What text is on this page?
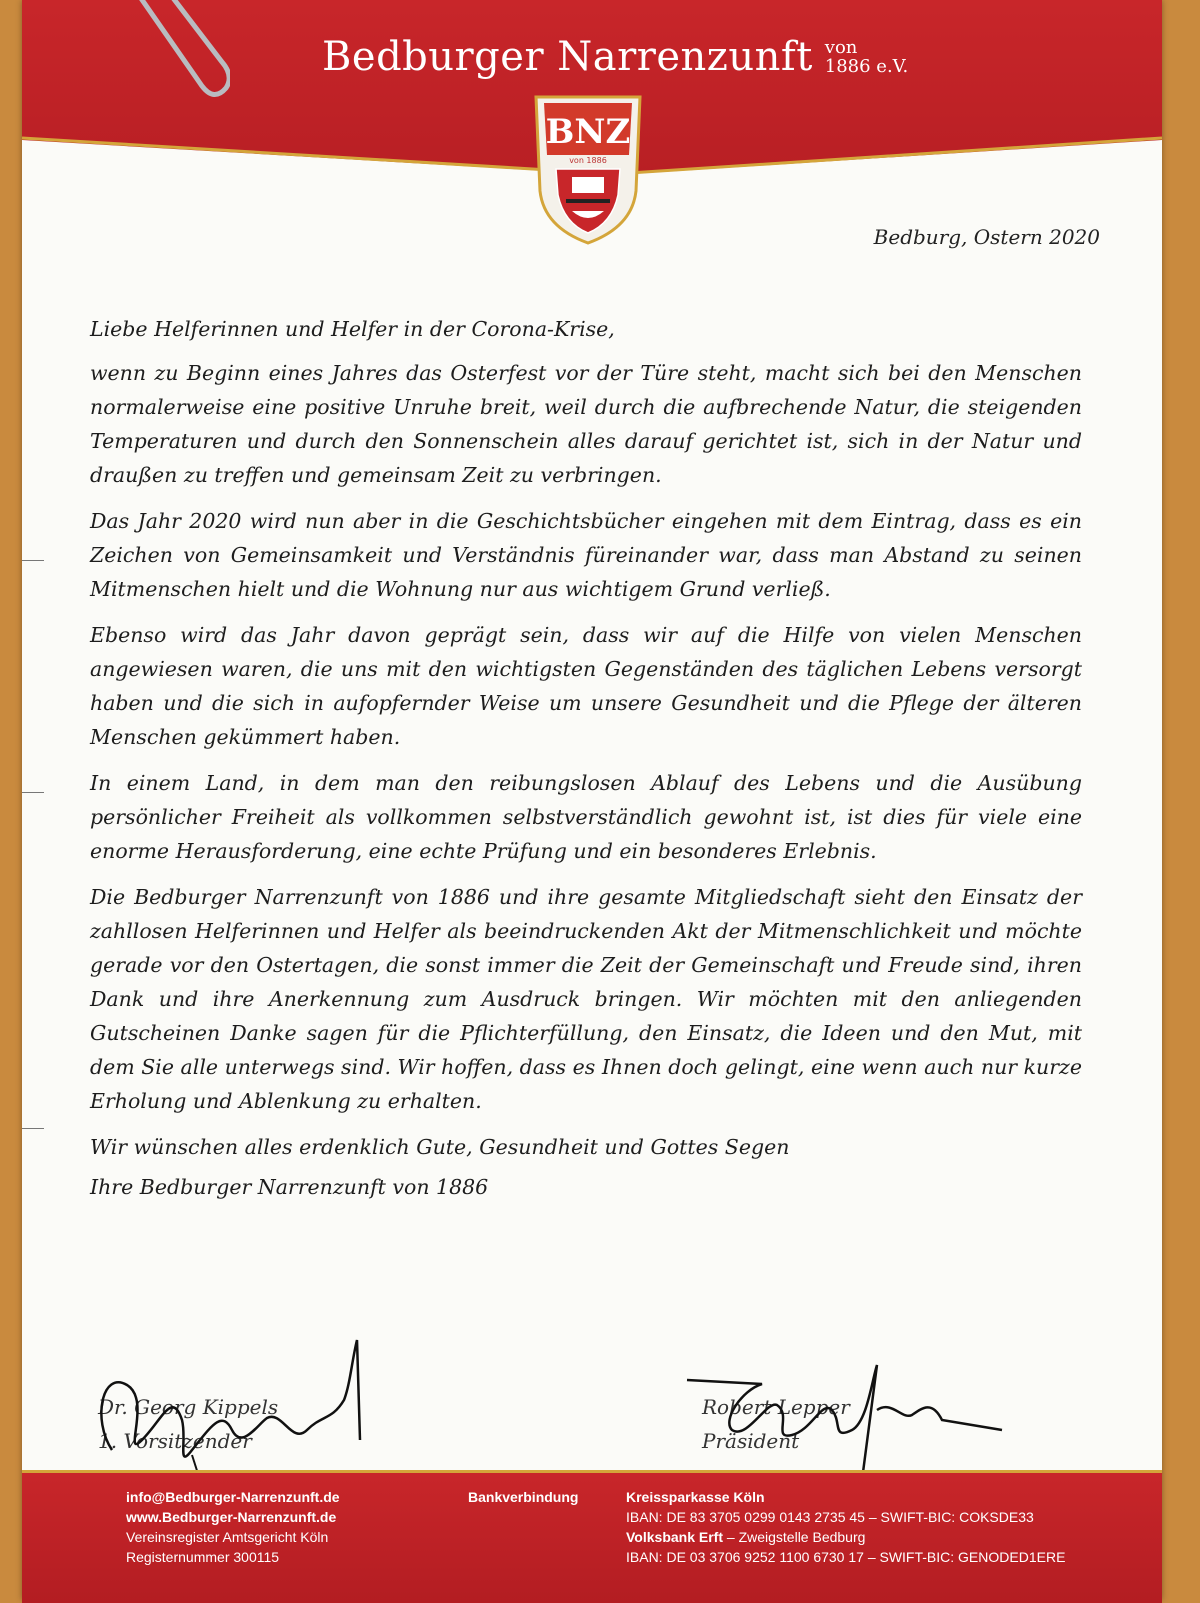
Bedburger Narrenzunft von
1886 e.V.
BNZ
von 1886
Bedburg, Ostern 2020

Liebe Helferinnen und Helfer in der Corona-Krise,

wenn zu Beginn eines Jahres das Osterfest vor der Türe steht, macht sich bei den Menschen normalerweise eine positive Unruhe breit, weil durch die aufbrechende Natur, die steigenden Temperaturen und durch den Sonnenschein alles darauf gerichtet ist, sich in der Natur und draußen zu treffen und gemeinsam Zeit zu verbringen.

Das Jahr 2020 wird nun aber in die Geschichtsbücher eingehen mit dem Eintrag, dass es ein Zeichen von Gemeinsamkeit und Verständnis füreinander war, dass man Abstand zu seinen Mitmenschen hielt und die Wohnung nur aus wichtigem Grund verließ.

Ebenso wird das Jahr davon geprägt sein, dass wir auf die Hilfe von vielen Menschen angewiesen waren, die uns mit den wichtigsten Gegenständen des täglichen Lebens versorgt haben und die sich in aufopfernder Weise um unsere Gesundheit und die Pflege der älteren Menschen gekümmert haben.

In einem Land, in dem man den reibungslosen Ablauf des Lebens und die Ausübung persönlicher Freiheit als vollkommen selbstverständlich gewohnt ist, ist dies für viele eine enorme Herausforderung, eine echte Prüfung und ein besonderes Erlebnis.

Die Bedburger Narrenzunft von 1886 und ihre gesamte Mitgliedschaft sieht den Einsatz der zahllosen Helferinnen und Helfer als beeindruckenden Akt der Mitmenschlichkeit und möchte gerade vor den Ostertagen, die sonst immer die Zeit der Gemeinschaft und Freude sind, ihren Dank und ihre Anerkennung zum Ausdruck bringen. Wir möchten mit den anliegenden Gutscheinen Danke sagen für die Pflichterfüllung, den Einsatz, die Ideen und den Mut, mit dem Sie alle unterwegs sind. Wir hoffen, dass es Ihnen doch gelingt, eine wenn auch nur kurze Erholung und Ablenkung zu erhalten.

Wir wünschen alles erdenklich Gute, Gesundheit und Gottes Segen

Ihre Bedburger Narrenzunft von 1886

Dr. Georg Kippels
1. Vorsitzender
Robert Lepper
Präsident
info@Bedburger-Narrenzunft.de
www.Bedburger-Narrenzunft.de
Vereinsregister Amtsgericht Köln
Registernummer 300115
Bankverbindung	Kreissparkasse Köln
IBAN: DE 83 3705 0299 0143 2735 45 – SWIFT-BIC: COKSDE33
Volksbank Erft – Zweigstelle Bedburg
IBAN: DE 03 3706 9252 1100 6730 17 – SWIFT-BIC: GENODED1ERE
